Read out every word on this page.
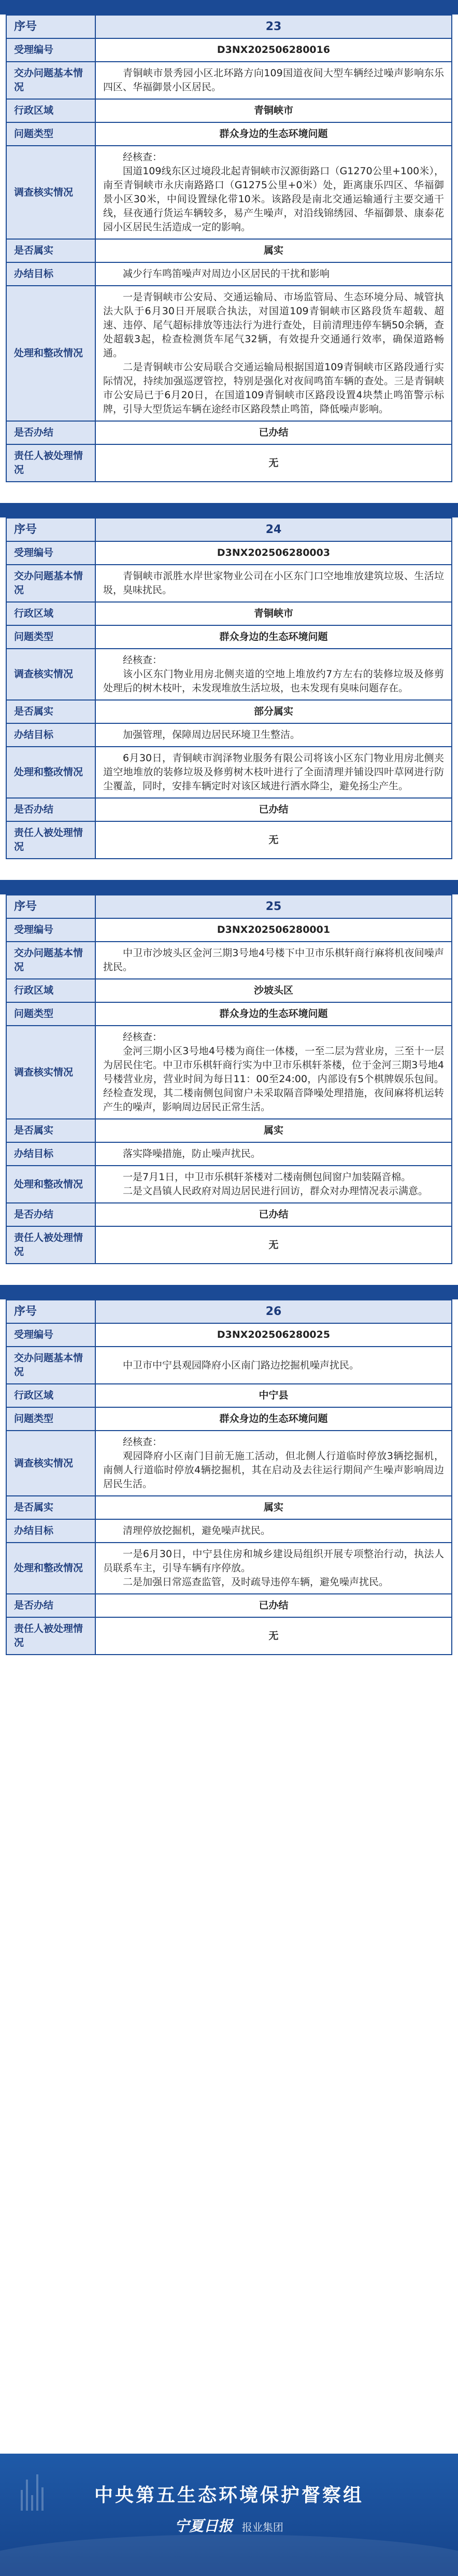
序号	23
受理编号	D3NX202506280016
交办问题基本情况	青铜峡市景秀园小区北环路方向109国道夜间大型车辆经过噪声影响东乐四区、华福御景小区居民。

行政区域	青铜峡市
问题类型	群众身边的生态环境问题
调查核实情况	经核查：

国道109线东区过境段北起青铜峡市汉源街路口（G1270公里+100米），南至青铜峡市永庆南路路口（G1275公里+0米）处，距离康乐四区、华福御景小区30米，中间设置绿化带10米。该路段是南北交通运输通行主要交通干线，昼夜通行货运车辆较多，易产生噪声，对沿线锦绣园、华福御景、康泰花园小区居民生活造成一定的影响。

是否属实	属实
办结目标	减少行车鸣笛噪声对周边小区居民的干扰和影响

处理和整改情况	一是青铜峡市公安局、交通运输局、市场监管局、生态环境分局、城管执法大队于6月30日开展联合执法，对国道109青铜峡市区路段货车超载、超速、违停、尾气超标排放等违法行为进行查处，目前清理违停车辆50余辆，查处超载3起，检查检测货车尾气32辆，有效提升交通通行效率，确保道路畅通。

二是青铜峡市公安局联合交通运输局根据国道109青铜峡市区路段通行实际情况，持续加强巡逻管控，特别是强化对夜间鸣笛车辆的查处。三是青铜峡市公安局已于6月20日，在国道109青铜峡市区路段设置4块禁止鸣笛警示标牌，引导大型货运车辆在途经市区路段禁止鸣笛，降低噪声影响。

是否办结	已办结
责任人被处理情况	无
序号	24
受理编号	D3NX202506280003
交办问题基本情况	青铜峡市派胜水岸世家物业公司在小区东门口空地堆放建筑垃圾、生活垃圾，臭味扰民。

行政区域	青铜峡市
问题类型	群众身边的生态环境问题
调查核实情况	经核查：

该小区东门物业用房北侧夹道的空地上堆放约7方左右的装修垃圾及修剪处理后的树木枝叶，未发现堆放生活垃圾，也未发现有臭味问题存在。

是否属实	部分属实
办结目标	加强管理，保障周边居民环境卫生整洁。

处理和整改情况	6月30日，青铜峡市润泽物业服务有限公司将该小区东门物业用房北侧夹道空地堆放的装修垃圾及修剪树木枝叶进行了全面清理并铺设四叶草网进行防尘覆盖，同时，安排车辆定时对该区域进行洒水降尘，避免扬尘产生。

是否办结	已办结
责任人被处理情况	无
序号	25
受理编号	D3NX202506280001
交办问题基本情况	中卫市沙坡头区金河三期3号地4号楼下中卫市乐棋轩商行麻将机夜间噪声扰民。

行政区域	沙坡头区
问题类型	群众身边的生态环境问题
调查核实情况	经核查：

金河三期小区3号地4号楼为商住一体楼，一至二层为营业房，三至十一层为居民住宅。中卫市乐棋轩商行实为中卫市乐棋轩茶楼，位于金河三期3号地4号楼营业房，营业时间为每日11：00至24:00，内部设有5个棋牌娱乐包间。经检查发现，其二楼南侧包间窗户未采取隔音降噪处理措施，夜间麻将机运转产生的噪声，影响周边居民正常生活。

是否属实	属实
办结目标	落实降噪措施，防止噪声扰民。

处理和整改情况	一是7月1日，中卫市乐棋轩茶楼对二楼南侧包间窗户加装隔音棉。

二是文昌镇人民政府对周边居民进行回访，群众对办理情况表示满意。

是否办结	已办结
责任人被处理情况	无
序号	26
受理编号	D3NX202506280025
交办问题基本情况	中卫市中宁县观园降府小区南门路边挖掘机噪声扰民。

行政区域	中宁县
问题类型	群众身边的生态环境问题
调查核实情况	经核查：

观园降府小区南门目前无施工活动，但北侧人行道临时停放3辆挖掘机，南侧人行道临时停放4辆挖掘机，其在启动及去往运行期间产生噪声影响周边居民生活。

是否属实	属实
办结目标	清理停放挖掘机，避免噪声扰民。

处理和整改情况	一是6月30日，中宁县住房和城乡建设局组织开展专项整治行动，执法人员联系车主，引导车辆有序停放。

二是加强日常巡查监管，及时疏导违停车辆，避免噪声扰民。

是否办结	已办结
责任人被处理情况	无
中央第五生态环境保护督察组
宁夏日报 报业集团
